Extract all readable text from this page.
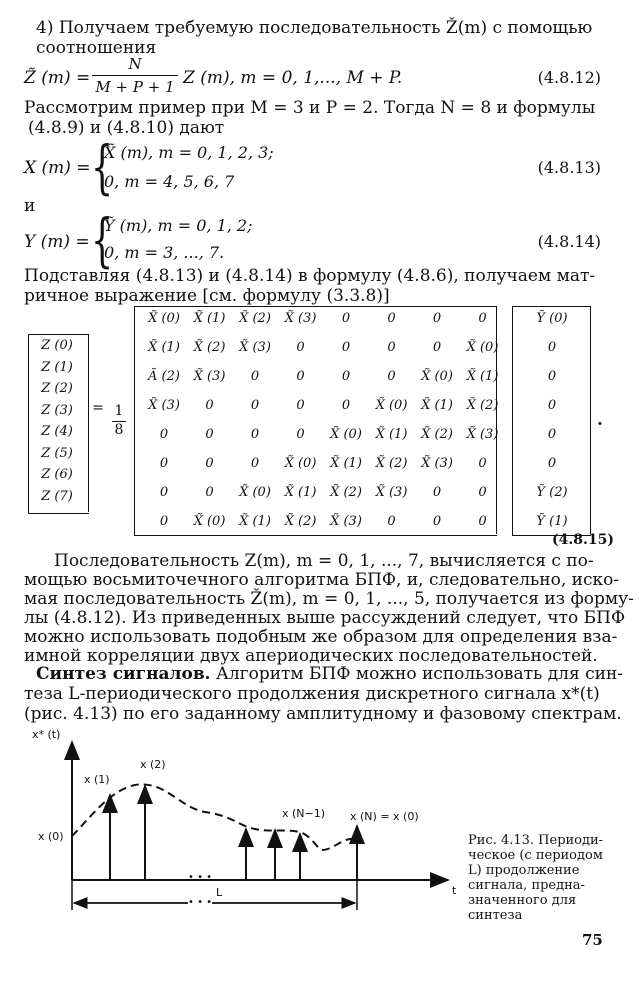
4) Получаем требуемую последовательность Ž(m) с помощью
соотношения
Z̃ (m) =
N
M + P + 1 Z (m), m = 0, 1,..., M + P.	(4.8.12)
Рассмотрим пример при M = 3 и P = 2. Тогда N = 8 и формулы
(4.8.9) и (4.8.10) дают
X (m) = {
X̃ (m), m = 0, 1, 2, 3;
0, m = 4, 5, 6, 7
(4.8.13)
и
Y (m) = {
Ỹ (m), m = 0, 1, 2;
0, m = 3, ..., 7.
(4.8.14)
Подставляя (4.8.13) и (4.8.14) в формулу (4.8.6), получаем мат-
ричное выражение [см. формулу (3.3.8)]
Z (0)
Z (1)
Z (2)
Z (3)
Z (4)
Z (5)
Z (6)
Z (7)
= 1
8
X̃ (0)	X̃ (1)	X̃ (2)	X̃ (3)	0	0	0	0
X̃ (1)	X̃ (2)	X̃ (3)	0	0	0	0	X̃ (0)
Ã (2)	X̃ (3)	0	0	0	0	X̃ (0)	X̃ (1)
X̃ (3)	0	0	0	0	X̃ (0)	X̃ (1)	X̃ (2)
0	0	0	0	X̃ (0)	X̃ (1)	X̃ (2)	X̃ (3)
0	0	0	X̃ (0)	X̃ (1)	X̃ (2)	X̃ (3)	0
0	0	X̃ (0)	X̃ (1)	X̃ (2)	X̃ (3)	0	0
0	X̃ (0)	X̃ (1)	X̃ (2)	X̃ (3)	0	0	0
Ỹ (0)
0
0
0
0
0
Ỹ (2)
Ỹ (1)
.
(4.8.15)
Последовательность Z(m), m = 0, 1, ..., 7, вычисляется с по-
мощью восьмиточечного алгоритма БПФ, и, следовательно, иско-
мая последовательность Ž(m), m = 0, 1, ..., 5, получается из форму-
лы (4.8.12). Из приведенных выше рассуждений следует, что БПФ
можно использовать подобным же образом для определения вза-
имной корреляции двух апериодических последовательностей.
Синтез сигналов. Алгоритм БПФ можно использовать для син-
теза L-периодического продолжения дискретного сигнала x*(t)
(рис. 4.13) по его заданному амплитудному и фазовому спектрам.
x* (t)
t
x (0)
x (1)
x (2)
x (N−1) x (N) = x (0)
• • •
• • •
L
Рис. 4.13. Периоди-
ческое (с периодом
L) продолжение
сигнала, предна-
значенного для
синтеза
75
